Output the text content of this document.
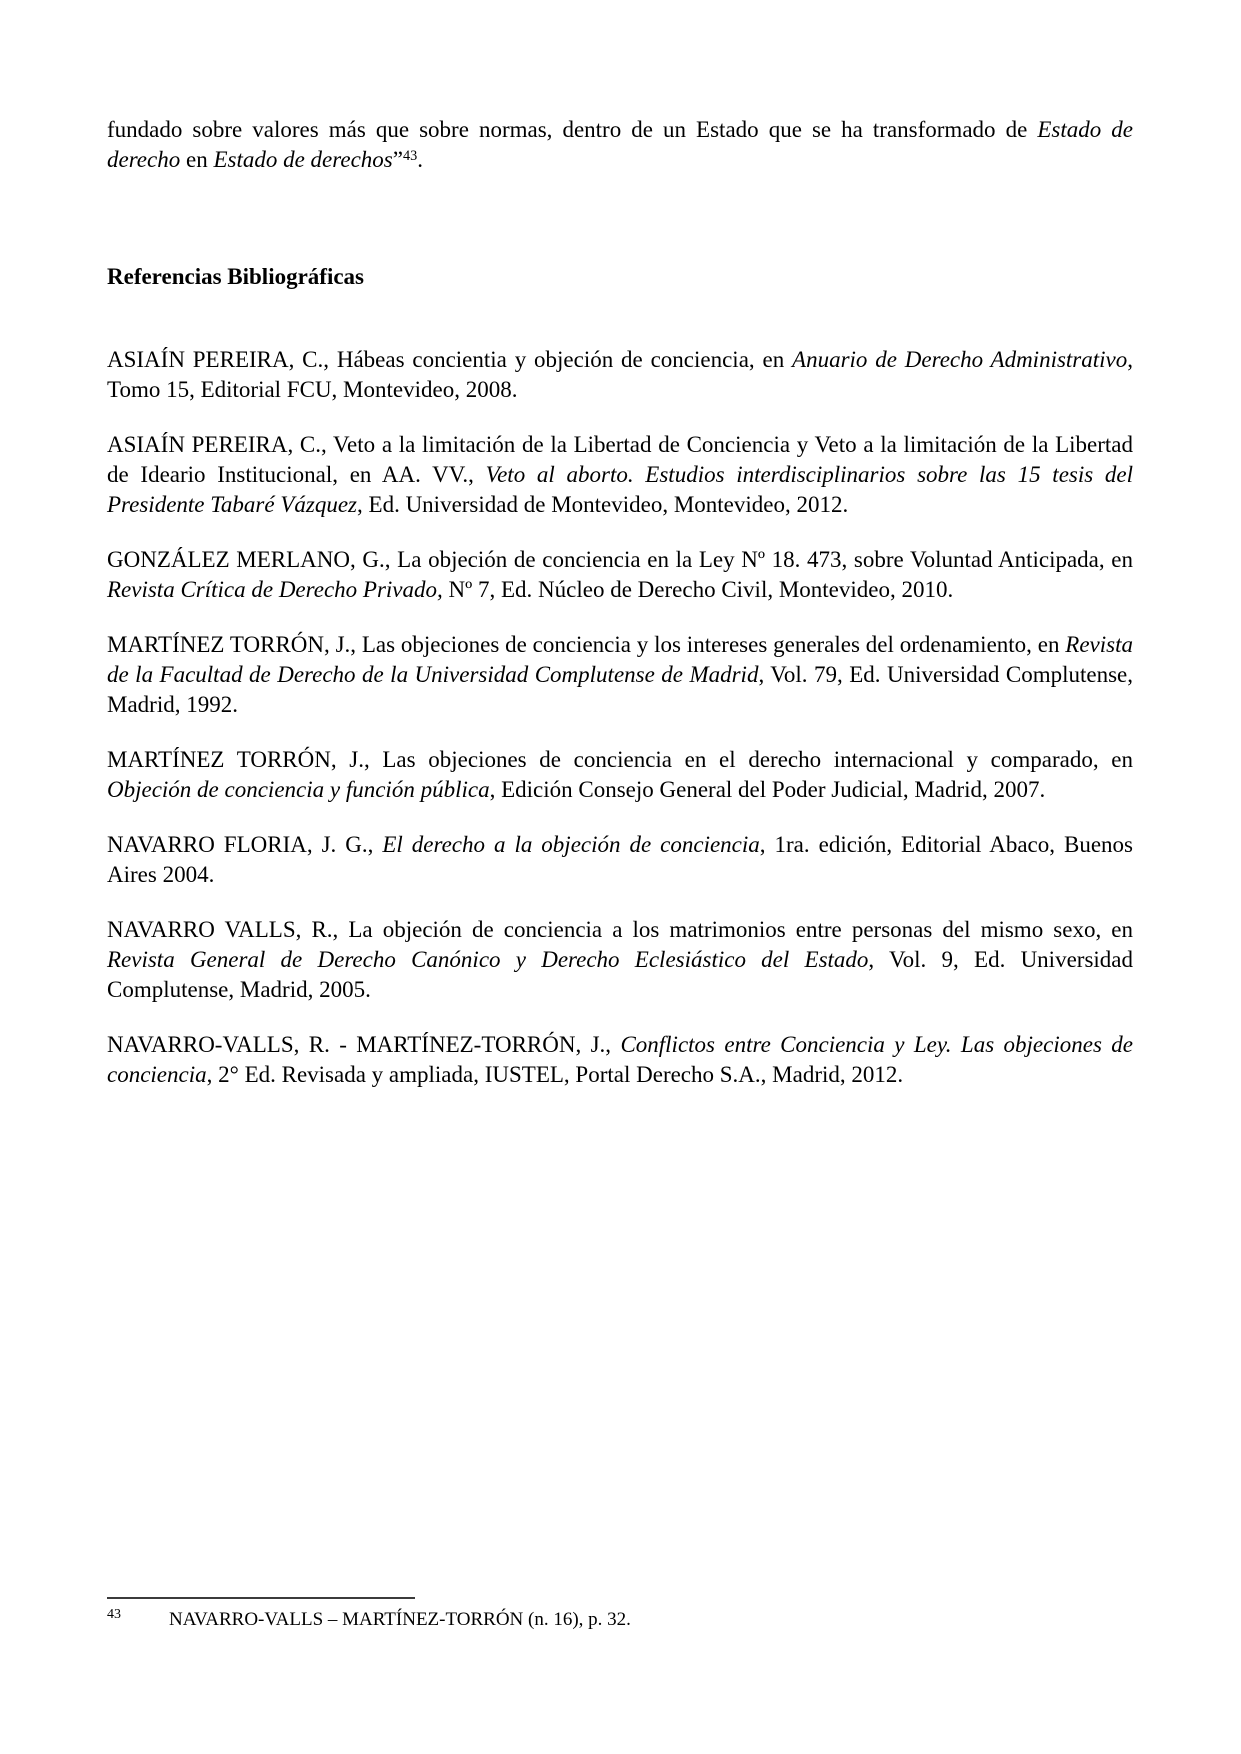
fundado sobre valores más que sobre normas, dentro de un Estado que se ha transformado de Estado de derecho en Estado de derechos”$^{43}$.

Referencias Bibliográficas

ASIAÍN PEREIRA, C., Hábeas concientia y objeción de conciencia, en Anuario de Derecho Administrativo, Tomo 15, Editorial FCU, Montevideo, 2008.

ASIAÍN PEREIRA, C., Veto a la limitación de la Libertad de Conciencia y Veto a la limitación de la Libertad de Ideario Institucional, en AA. VV., Veto al aborto. Estudios interdisciplinarios sobre las 15 tesis del Presidente Tabaré Vázquez, Ed. Universidad de Montevideo, Montevideo, 2012.

GONZÁLEZ MERLANO, G., La objeción de conciencia en la Ley Nº 18. 473, sobre Voluntad Anticipada, en Revista Crítica de Derecho Privado, Nº 7, Ed. Núcleo de Derecho Civil, Montevideo, 2010.

MARTÍNEZ TORRÓN, J., Las objeciones de conciencia y los intereses generales del ordenamiento, en Revista de la Facultad de Derecho de la Universidad Complutense de Madrid, Vol. 79, Ed. Universidad Complutense, Madrid, 1992.

MARTÍNEZ TORRÓN, J., Las objeciones de conciencia en el derecho internacional y comparado, en Objeción de conciencia y función pública, Edición Consejo General del Poder Judicial, Madrid, 2007.

NAVARRO FLORIA, J. G., El derecho a la objeción de conciencia, 1ra. edición, Editorial Abaco, Buenos Aires 2004.

NAVARRO VALLS, R., La objeción de conciencia a los matrimonios entre personas del mismo sexo, en Revista General de Derecho Canónico y Derecho Eclesiástico del Estado, Vol. 9, Ed. Universidad Complutense, Madrid, 2005.

NAVARRO-VALLS, R. - MARTÍNEZ-TORRÓN, J., Conflictos entre Conciencia y Ley. Las objeciones de conciencia, 2° Ed. Revisada y ampliada, IUSTEL, Portal Derecho S.A., Madrid, 2012.

43	NAVARRO-VALLS – MARTÍNEZ-TORRÓN (n. 16), p. 32.
